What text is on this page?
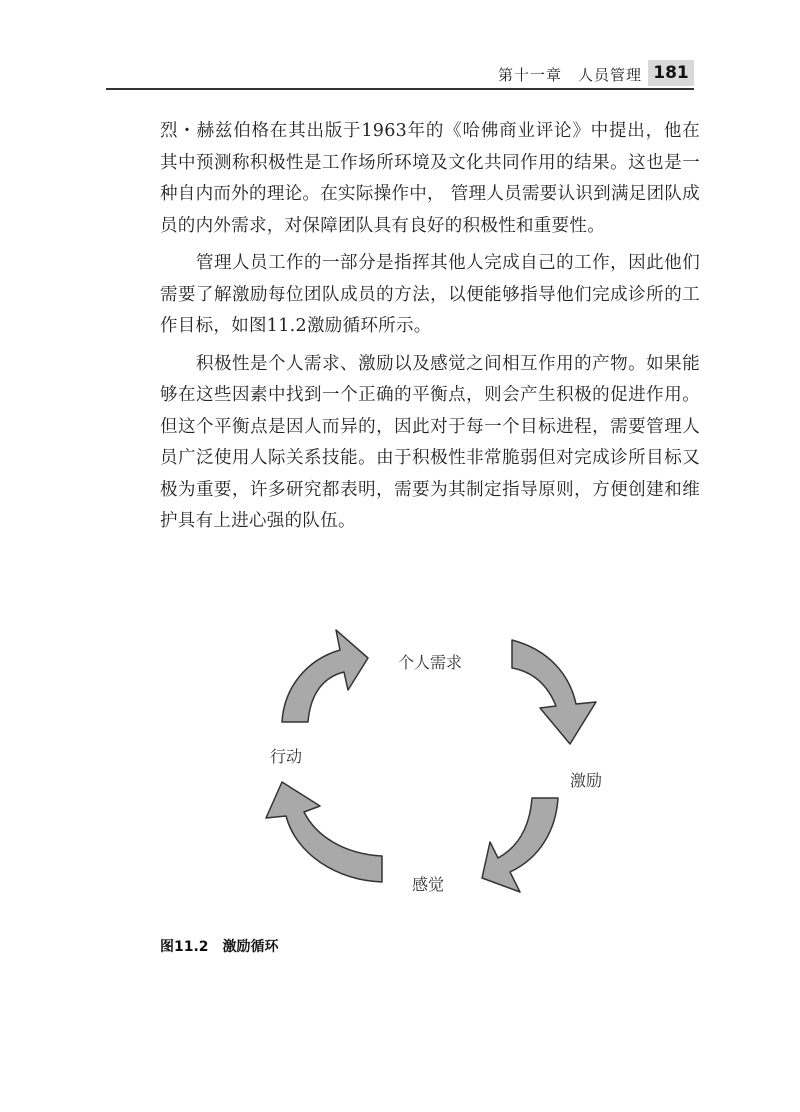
第十一章　人员管理 181

烈・赫兹伯格在其出版于1963年的《哈佛商业评论》中提出，他在其中预测称积极性是工作场所环境及文化共同作用的结果。这也是一种自内而外的理论。在实际操作中， 管理人员需要认识到满足团队成员的内外需求，对保障团队具有良好的积极性和重要性。

管理人员工作的一部分是指挥其他人完成自己的工作，因此他们需要了解激励每位团队成员的方法，以便能够指导他们完成诊所的工作目标，如图11.2激励循环所示。

积极性是个人需求、激励以及感觉之间相互作用的产物。如果能够在这些因素中找到一个正确的平衡点，则会产生积极的促进作用。但这个平衡点是因人而异的，因此对于每一个目标进程，需要管理人员广泛使用人际关系技能。由于积极性非常脆弱但对完成诊所目标又极为重要，许多研究都表明，需要为其制定指导原则，方便创建和维护具有上进心强的队伍。

个人需求
激励
感觉
行动
图11.2 激励循环
